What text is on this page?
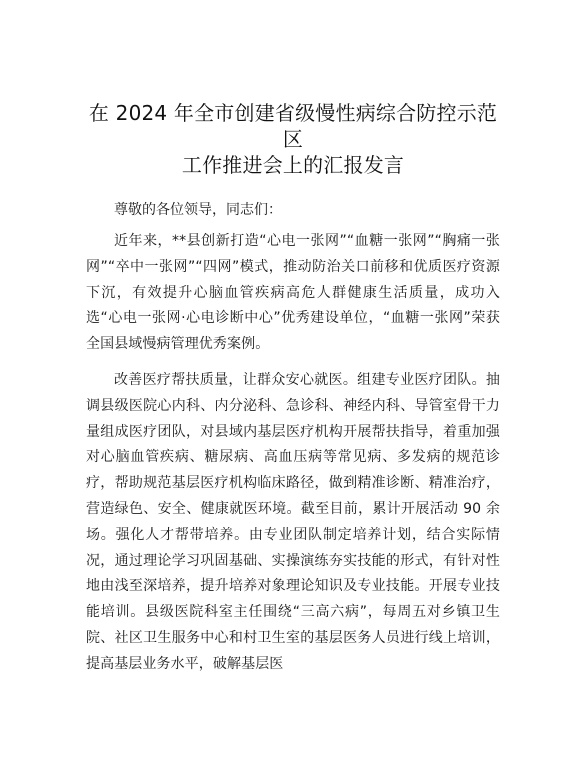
在 2024 年全市创建省级慢性病综合防控示范区
工作推进会上的汇报发言

尊敬的各位领导，同志们：

近年来，**县创新打造“心电一张网”“血糖一张网”“胸痛一张网”“卒中一张网”“四网”模式，推动防治关口前移和优质医疗资源下沉，有效提升心脑血管疾病高危人群健康生活质量，成功入选“心电一张网·心电诊断中心”优秀建设单位，“血糖一张网”荣获全国县域慢病管理优秀案例。

改善医疗帮扶质量，让群众安心就医。组建专业医疗团队。抽调县级医院心内科、内分泌科、急诊科、神经内科、导管室骨干力量组成医疗团队，对县域内基层医疗机构开展帮扶指导，着重加强对心脑血管疾病、糖尿病、高血压病等常见病、多发病的规范诊疗，帮助规范基层医疗机构临床路径，做到精准诊断、精准治疗，营造绿色、安全、健康就医环境。截至目前，累计开展活动 90 余场。强化人才帮带培养。由专业团队制定培养计划，结合实际情况，通过理论学习巩固基础、实操演练夯实技能的形式，有针对性地由浅至深培养，提升培养对象理论知识及专业技能。开展专业技能培训。县级医院科室主任围绕“三高六病”，每周五对乡镇卫生院、社区卫生服务中心和村卫生室的基层医务人员进行线上培训，提高基层业务水平，破解基层医
